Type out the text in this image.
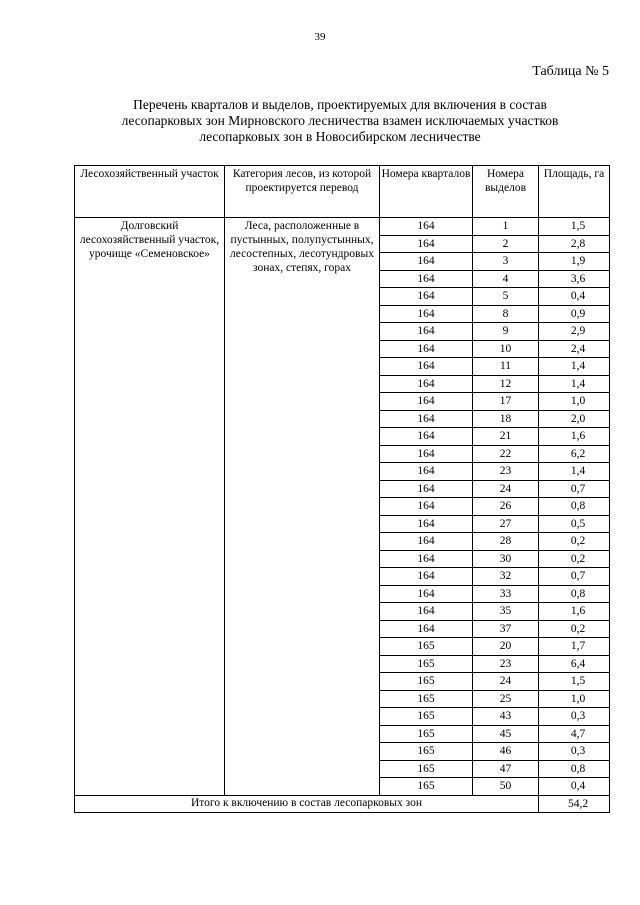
39
Таблица № 5
Перечень кварталов и выделов, проектируемых для включения в состав
лесопарковых зон Мирновского лесничества взамен исключаемых участков
лесопарковых зон в Новосибирском лесничестве
Лесохозяйственный участок	Категория лесов, из которой проектируется перевод	Номера кварталов	Номера выделов	Площадь, га
Долговский лесохозяйственный участок, урочище «Семеновское»	Леса, расположенные в пустынных, полупустынных, лесостепных, лесотундровых зонах, степях, горах	164	1	1,5
		164	2	2,8
		164	3	1,9
		164	4	3,6
		164	5	0,4
		164	8	0,9
		164	9	2,9
		164	10	2,4
		164	11	1,4
		164	12	1,4
		164	17	1,0
		164	18	2,0
		164	21	1,6
		164	22	6,2
		164	23	1,4
		164	24	0,7
		164	26	0,8
		164	27	0,5
		164	28	0,2
		164	30	0,2
		164	32	0,7
		164	33	0,8
		164	35	1,6
		164	37	0,2
		165	20	1,7
		165	23	6,4
		165	24	1,5
		165	25	1,0
		165	43	0,3
		165	45	4,7
		165	46	0,3
		165	47	0,8
		165	50	0,4
Итого к включению в состав лесопарковых зон				54,2
